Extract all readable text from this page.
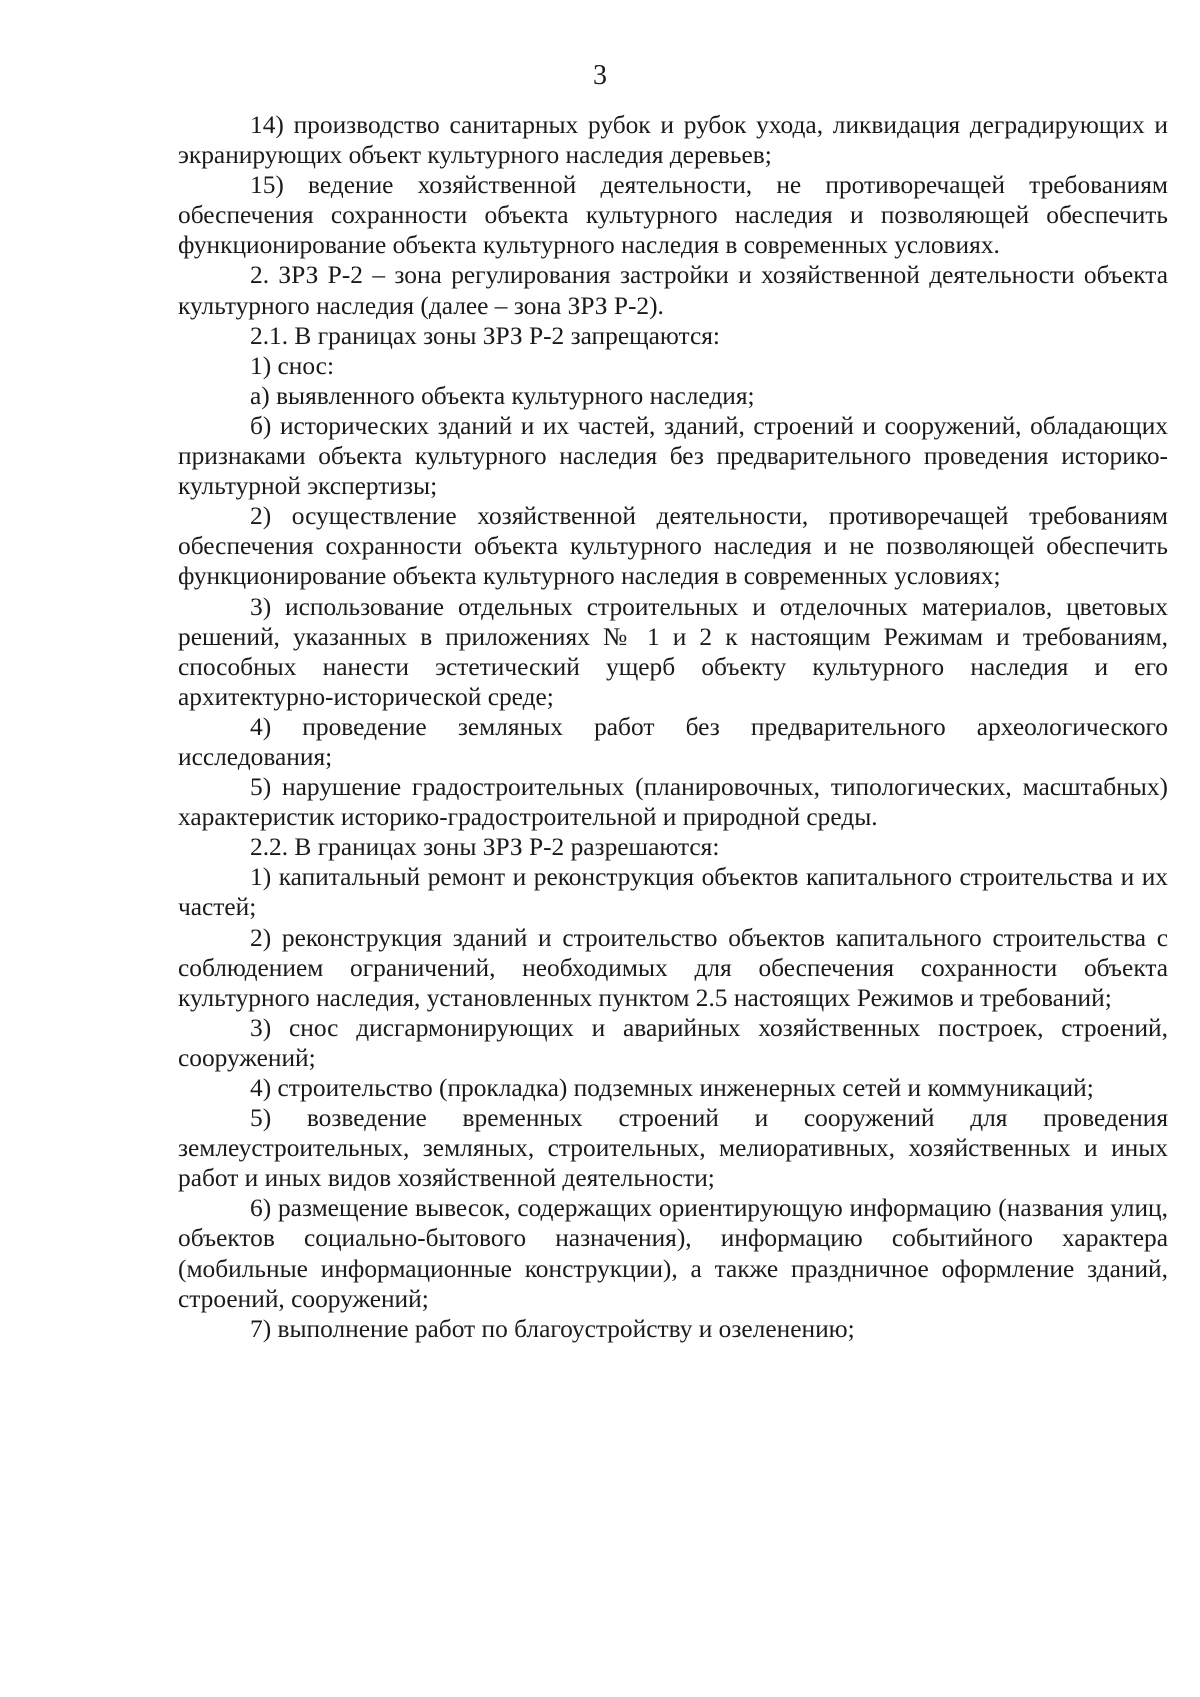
3

14) производство санитарных рубок и рубок ухода, ликвидация деградирующих и экранирующих объект культурного наследия деревьев;

15) ведение хозяйственной деятельности, не противоречащей требованиям обеспечения сохранности объекта культурного наследия и позволяющей обеспечить функционирование объекта культурного наследия в современных условиях.

2. ЗРЗ Р-2 – зона регулирования застройки и хозяйственной деятельности объекта культурного наследия (далее – зона ЗРЗ Р-2).

2.1. В границах зоны ЗРЗ Р-2 запрещаются:

1) снос:

а) выявленного объекта культурного наследия;

б) исторических зданий и их частей, зданий, строений и сооружений, обладающих признаками объекта культурного наследия без предварительного проведения историко-культурной экспертизы;

2) осуществление хозяйственной деятельности, противоречащей требованиям обеспечения сохранности объекта культурного наследия и не позволяющей обеспечить функционирование объекта культурного наследия в современных условиях;

3) использование отдельных строительных и отделочных материалов, цветовых решений, указанных в приложениях № 1 и 2 к настоящим Режимам и требованиям, способных нанести эстетический ущерб объекту культурного наследия и его архитектурно-исторической среде;

4) проведение земляных работ без предварительного археологического исследования;

5) нарушение градостроительных (планировочных, типологических, масштабных) характеристик историко-градостроительной и природной среды.

2.2. В границах зоны ЗРЗ Р-2 разрешаются:

1) капитальный ремонт и реконструкция объектов капитального строительства и их частей;

2) реконструкция зданий и строительство объектов капитального строительства с соблюдением ограничений, необходимых для обеспечения сохранности объекта культурного наследия, установленных пунктом 2.5 настоящих Режимов и требований;

3) снос дисгармонирующих и аварийных хозяйственных построек, строений, сооружений;

4) строительство (прокладка) подземных инженерных сетей и коммуникаций;

5) возведение временных строений и сооружений для проведения землеустроительных, земляных, строительных, мелиоративных, хозяйственных и иных работ и иных видов хозяйственной деятельности;

6) размещение вывесок, содержащих ориентирующую информацию (названия улиц, объектов социально-бытового назначения), информацию событийного характера (мобильные информационные конструкции), а также праздничное оформление зданий, строений, сооружений;

7) выполнение работ по благоустройству и озеленению;
